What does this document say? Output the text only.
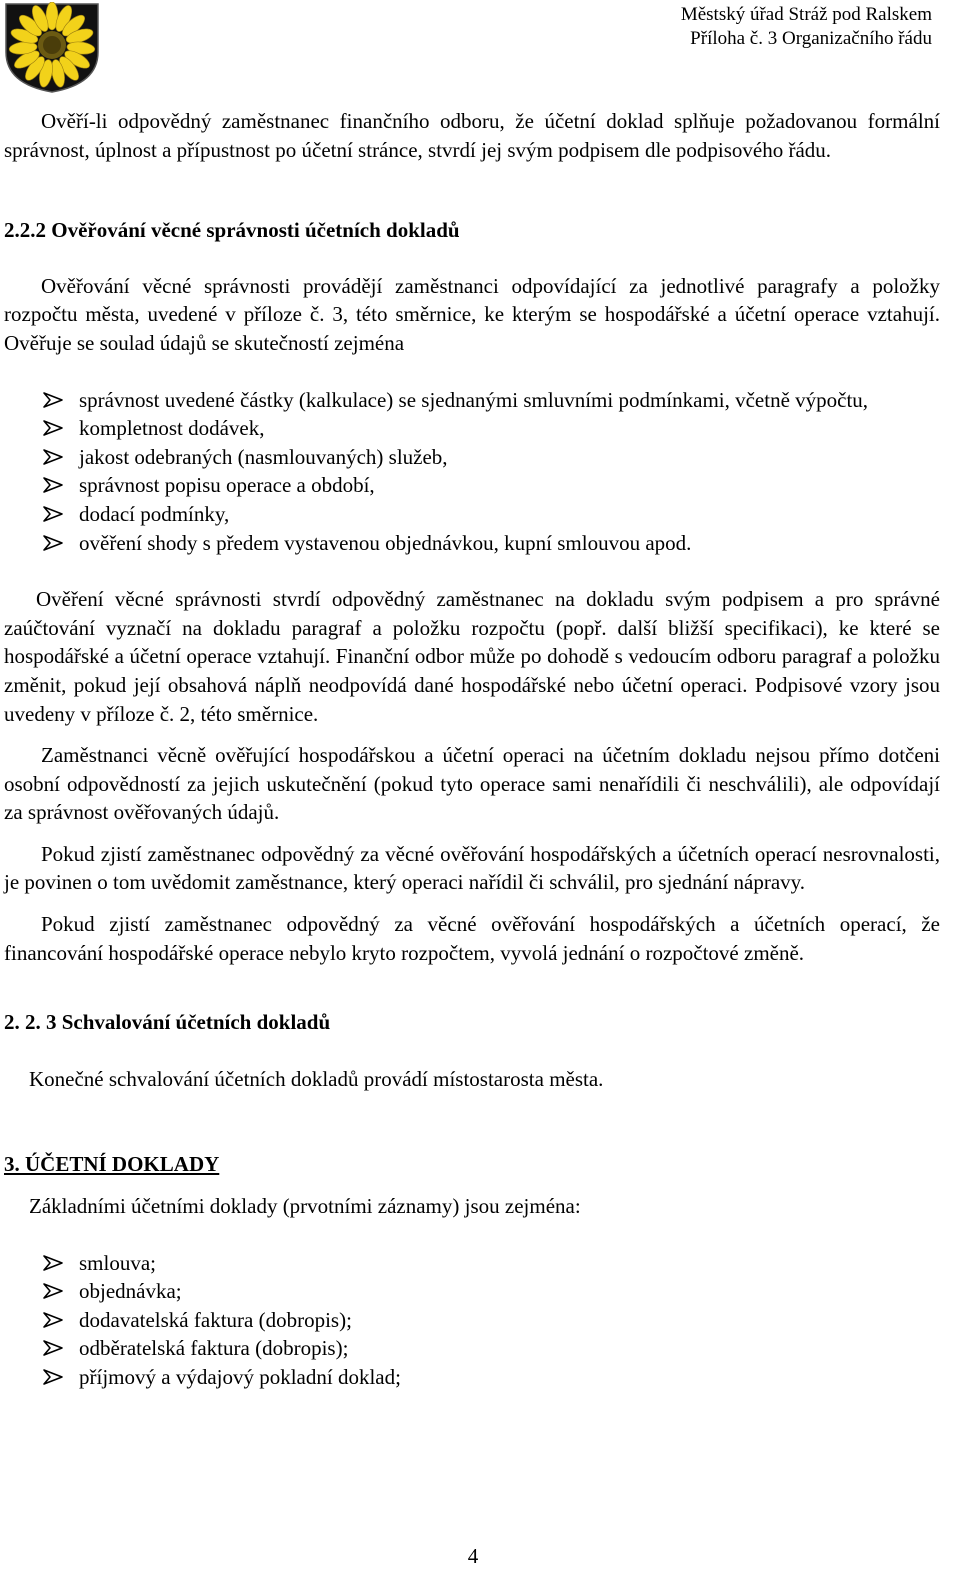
Městský úřad Stráž pod Ralskem
Příloha č. 3 Organizačního řádu

Ověří-li odpovědný zaměstnanec finančního odboru, že účetní doklad splňuje požadovanou formální správnost, úplnost a přípustnost po účetní stránce, stvrdí jej svým podpisem dle podpisového řádu.

2.2.2 Ověřování věcné správnosti účetních dokladů

Ověřování věcné správnosti provádějí zaměstnanci odpovídající za jednotlivé paragrafy a položky rozpočtu města, uvedené v příloze č. 3, této směrnice, ke kterým se hospodářské a účetní operace vztahují. Ověřuje se soulad údajů se skutečností zejména

správnost uvedené částky (kalkulace) se sjednanými smluvními podmínkami, včetně výpočtu,
kompletnost dodávek,
jakost odebraných (nasmlouvaných) služeb,
správnost popisu operace a období,
dodací podmínky,
ověření shody s předem vystavenou objednávkou, kupní smlouvou apod.

Ověření věcné správnosti stvrdí odpovědný zaměstnanec na dokladu svým podpisem a pro správné zaúčtování vyznačí na dokladu paragraf a položku rozpočtu (popř. další bližší specifikaci), ke které se hospodářské a účetní operace vztahují. Finanční odbor může po dohodě s vedoucím odboru paragraf a položku změnit, pokud její obsahová náplň neodpovídá dané hospodářské nebo účetní operaci. Podpisové vzory jsou uvedeny v příloze č. 2, této směrnice.

Zaměstnanci věcně ověřující hospodářskou a účetní operaci na účetním dokladu nejsou přímo dotčeni osobní odpovědností za jejich uskutečnění (pokud tyto operace sami nenařídili či neschválili), ale odpovídají za správnost ověřovaných údajů.

Pokud zjistí zaměstnanec odpovědný za věcné ověřování hospodářských a účetních operací nesrovnalosti, je povinen o tom uvědomit zaměstnance, který operaci nařídil či schválil, pro sjednání nápravy.

Pokud zjistí zaměstnanec odpovědný za věcné ověřování hospodářských a účetních operací, že financování hospodářské operace nebylo kryto rozpočtem, vyvolá jednání o rozpočtové změně.

2. 2. 3 Schvalování účetních dokladů

Konečné schvalování účetních dokladů provádí místostarosta města.

3. ÚČETNÍ DOKLADY

Základními účetními doklady (prvotními záznamy) jsou zejména:

smlouva;
objednávka;
dodavatelská faktura (dobropis);
odběratelská faktura (dobropis);
příjmový a výdajový pokladní doklad;
4
